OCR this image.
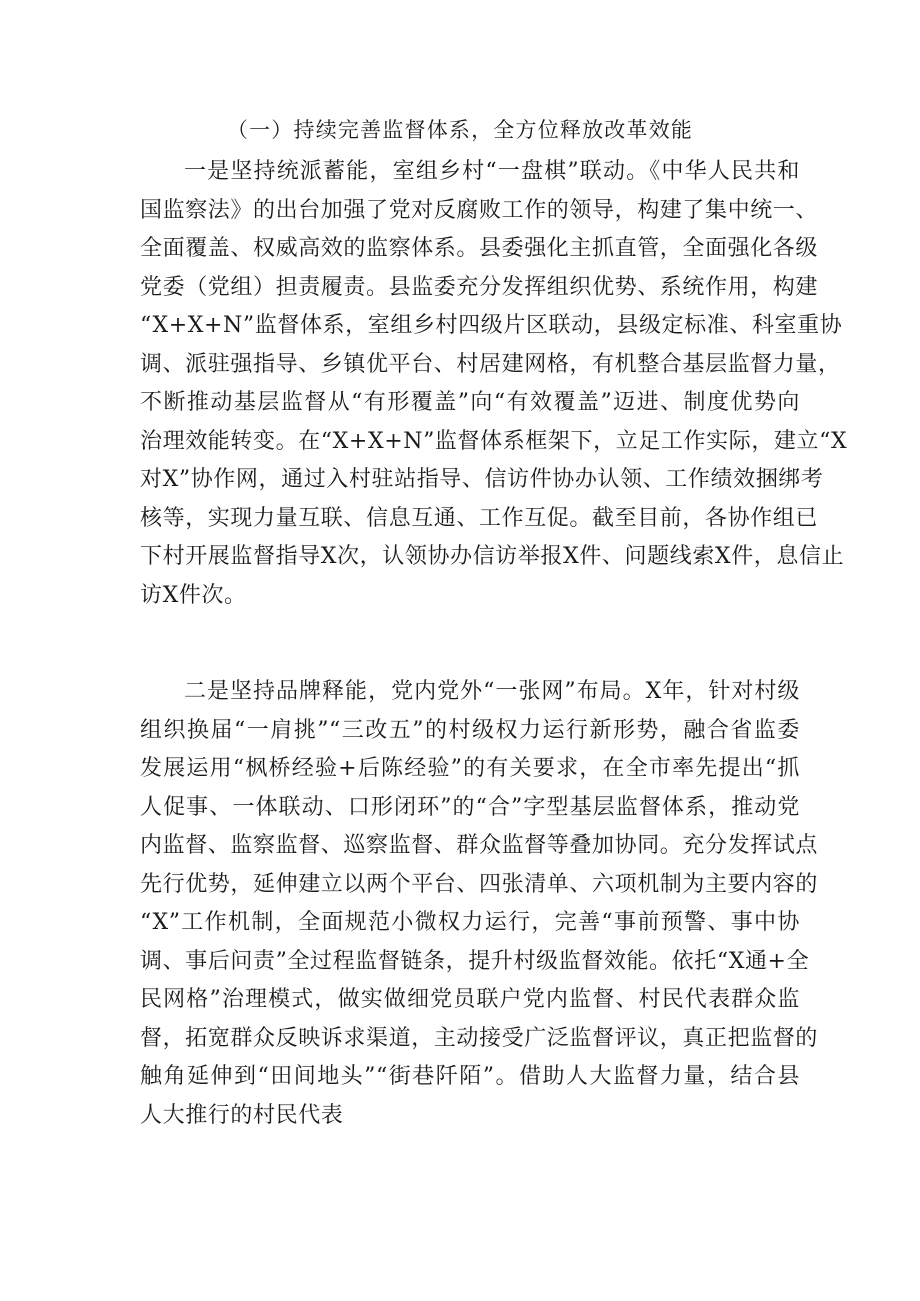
（一）持续完善监督体系，全方位释放改革效能
一是坚持统派蓄能，室组乡村“一盘棋”联动。《中华人民共和
国监察法》的出台加强了党对反腐败工作的领导，构建了集中统一、
全面覆盖、权威高效的监察体系。县委强化主抓直管，全面强化各级
党委（党组）担责履责。县监委充分发挥组织优势、系统作用，构建
“X+X+N”监督体系，室组乡村四级片区联动，县级定标准、科室重协
调、派驻强指导、乡镇优平台、村居建网格，有机整合基层监督力量，
不断推动基层监督从“有形覆盖”向“有效覆盖”迈进、制度优势向
治理效能转变。在“X+X+N”监督体系框架下，立足工作实际，建立“X
对X”协作网，通过入村驻站指导、信访件协办认领、工作绩效捆绑考
核等，实现力量互联、信息互通、工作互促。截至目前，各协作组已
下村开展监督指导X次，认领协办信访举报X件、问题线索X件，息信止
访X件次。
二是坚持品牌释能，党内党外“一张网”布局。X年，针对村级
组织换届“一肩挑”“三改五”的村级权力运行新形势，融合省监委
发展运用“枫桥经验+后陈经验”的有关要求，在全市率先提出“抓
人促事、一体联动、口形闭环”的“合”字型基层监督体系，推动党
内监督、监察监督、巡察监督、群众监督等叠加协同。充分发挥试点
先行优势，延伸建立以两个平台、四张清单、六项机制为主要内容的
“X”工作机制，全面规范小微权力运行，完善“事前预警、事中协
调、事后问责”全过程监督链条，提升村级监督效能。依托“X通+全
民网格”治理模式，做实做细党员联户党内监督、村民代表群众监
督，拓宽群众反映诉求渠道，主动接受广泛监督评议，真正把监督的
触角延伸到“田间地头”“街巷阡陌”。借助人大监督力量，结合县
人大推行的村民代表
